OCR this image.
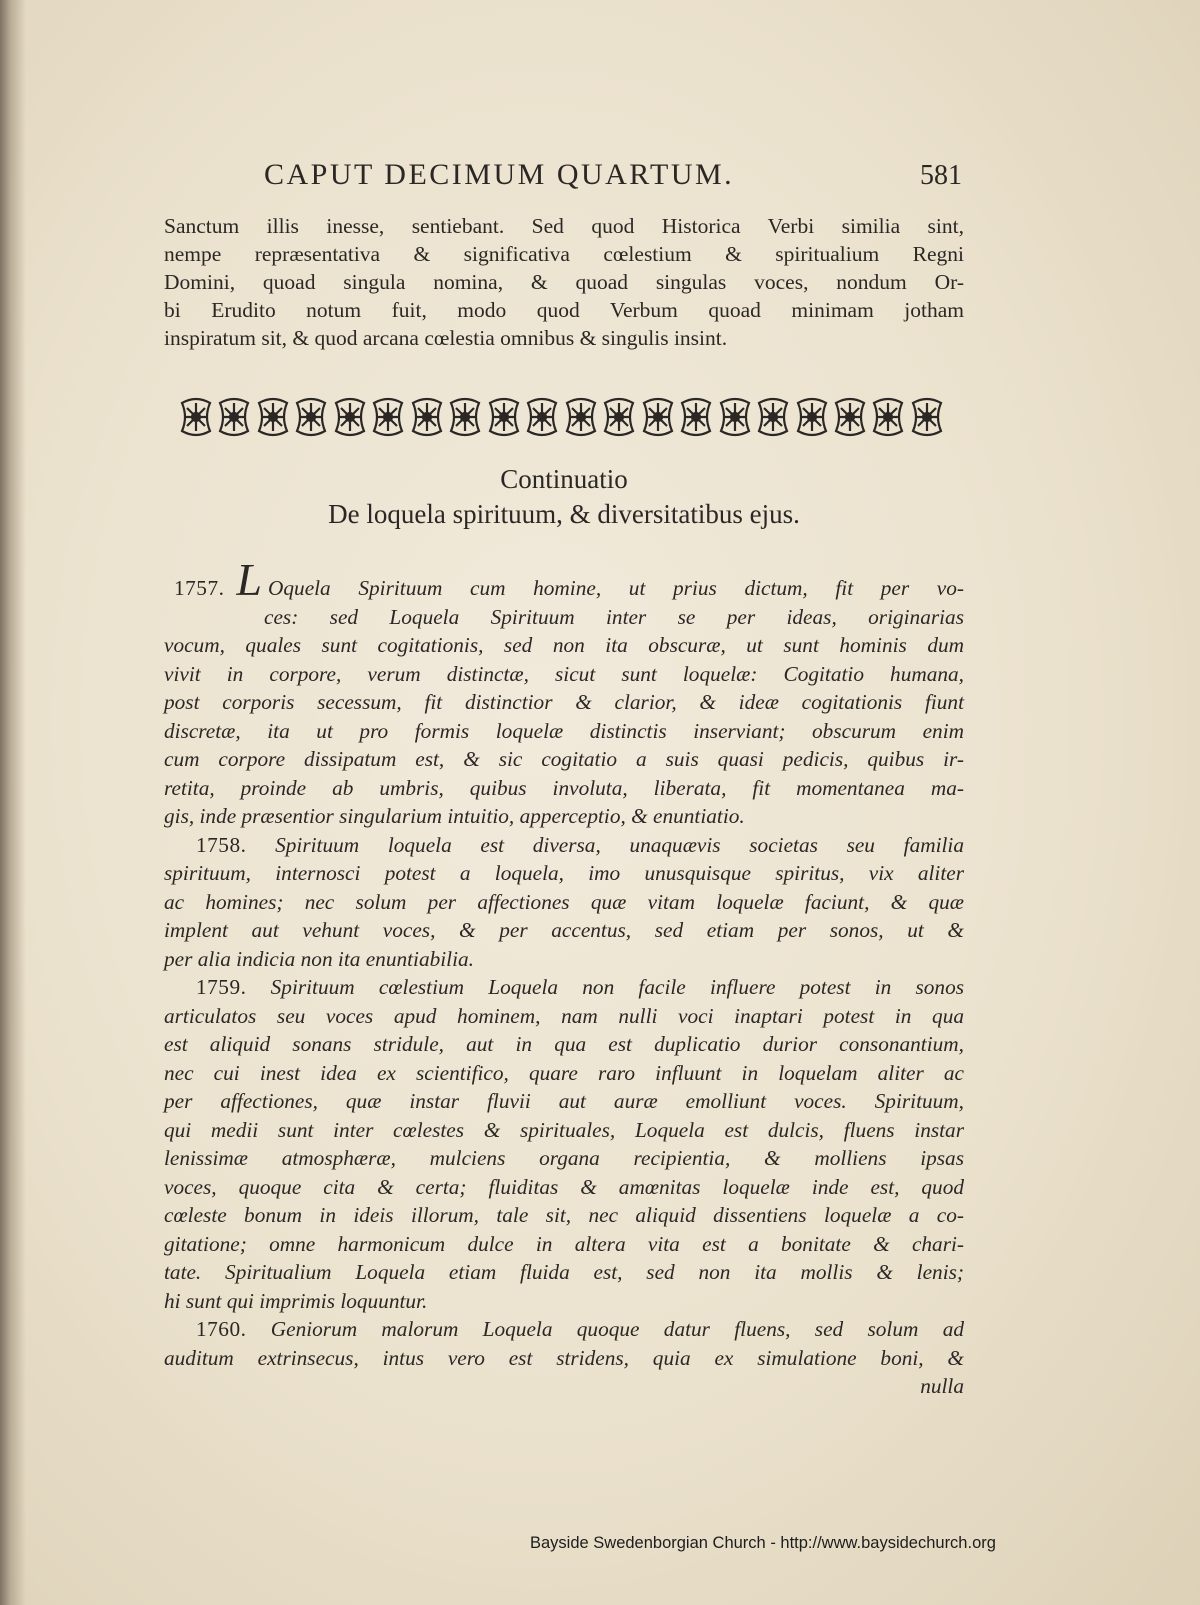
CAPUT DECIMUM QUARTUM.	581
Sanctum illis inesse, sentiebant. Sed quod Historica Verbi similia sint,
nempe repræsentativa & significativa cœlestium & spiritualium Regni
Domini, quoad singula nomina, & quoad singulas voces, nondum Or-
bi Erudito notum fuit, modo quod Verbum quoad minimam jotham
inspiratum sit, & quod arcana cœlestia omnibus & singulis insint.
Continuatio
De loquela spirituum, & diversitatibus ejus.
1757. L Oquela Spirituum cum homine, ut prius dictum, fit per vo-
ces: sed Loquela Spirituum inter se per ideas, originarias
vocum, quales sunt cogitationis, sed non ita obscuræ, ut sunt hominis dum
vivit in corpore, verum distinctæ, sicut sunt loquelæ: Cogitatio humana,
post corporis secessum, fit distinctior & clarior, & ideæ cogitationis fiunt
discretæ, ita ut pro formis loquelæ distinctis inserviant; obscurum enim
cum corpore dissipatum est, & sic cogitatio a suis quasi pedicis, quibus ir-
retita, proinde ab umbris, quibus involuta, liberata, fit momentanea ma-
gis, inde præsentior singularium intuitio, apperceptio, & enuntiatio.
1758. Spirituum loquela est diversa, unaquævis societas seu familia
spirituum, internosci potest a loquela, imo unusquisque spiritus, vix aliter
ac homines; nec solum per affectiones quæ vitam loquelæ faciunt, & quæ
implent aut vehunt voces, & per accentus, sed etiam per sonos, ut &
per alia indicia non ita enuntiabilia.
1759. Spirituum cœlestium Loquela non facile influere potest in sonos
articulatos seu voces apud hominem, nam nulli voci inaptari potest in qua
est aliquid sonans stridule, aut in qua est duplicatio durior consonantium,
nec cui inest idea ex scientifico, quare raro influunt in loquelam aliter ac
per affectiones, quæ instar fluvii aut auræ emolliunt voces. Spirituum,
qui medii sunt inter cœlestes & spirituales, Loquela est dulcis, fluens instar
lenissimæ atmosphæræ, mulciens organa recipientia, & molliens ipsas
voces, quoque cita & certa; fluiditas & amœnitas loquelæ inde est, quod
cœleste bonum in ideis illorum, tale sit, nec aliquid dissentiens loquelæ a co-
gitatione; omne harmonicum dulce in altera vita est a bonitate & chari-
tate. Spiritualium Loquela etiam fluida est, sed non ita mollis & lenis;
hi sunt qui imprimis loquuntur.
1760. Geniorum malorum Loquela quoque datur fluens, sed solum ad
auditum extrinsecus, intus vero est stridens, quia ex simulatione boni, &
nulla
Bayside Swedenborgian Church - http://www.baysidechurch.org
